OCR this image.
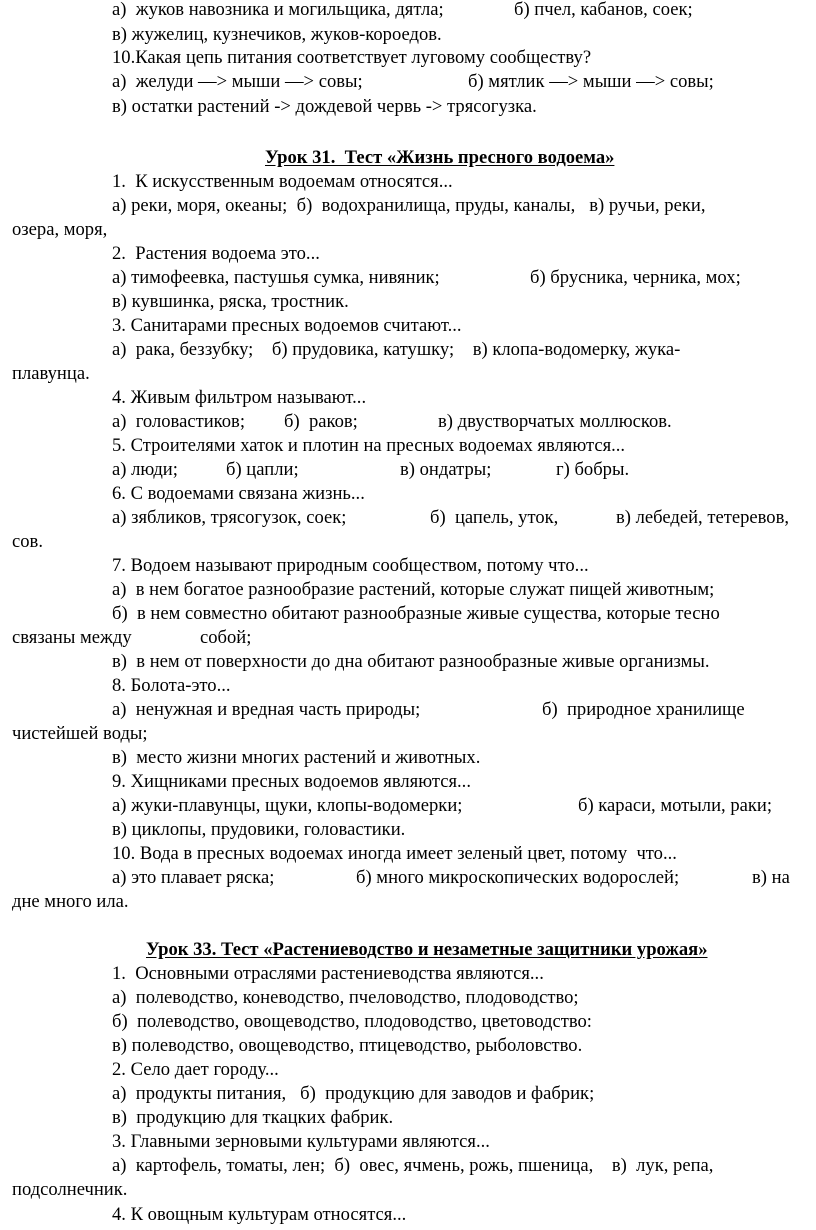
а)  жуков навозника и могильщика, дятла;	б) пчел, кабанов, соек;
в) жужелиц, кузнечиков, жуков-короедов.
10.Какая цепь питания соответствует луговому сообществу?
а)  желуди —> мыши —> совы;	б) мятлик —> мыши —> совы;
в) остатки растений -> дождевой червь -> трясогузка.
Урок 31.  Тест «Жизнь пресного водоема»
1.  К искусственным водоемам относятся...
а) реки, моря, океаны;  б)  водохранилища, пруды, каналы,   в) ручьи, реки,
озера, моря,
2.  Растения водоема это...
а) тимофеевка, пастушья сумка, нивяник;	б) брусника, черника, мох;
в) кувшинка, ряска, тростник.
3. Санитарами пресных водоемов считают...
а)  рака, беззубку;    б) прудовика, катушку;    в) клопа-водомерку, жука-
плавунца.
4. Живым фильтром называют...
а)  головастиков; б)  раков;	в) двустворчатых моллюсков.
5. Строителями хаток и плотин на пресных водоемах являются...
а) люди;	б) цапли;	в) ондатры;	г) бобры.
6. С водоемами связана жизнь...
а) зябликов, трясогузок, соек;	б)  цапель, уток,	в) лебедей, тетеревов,
сов.
7. Водоем называют природным сообществом, потому что...
а)  в нем богатое разнообразие растений, которые служат пищей животным;
б)  в нем совместно обитают разнообразные живые существа, которые тесно
связаны между	собой;
в)  в нем от поверхности до дна обитают разнообразные живые организмы.
8. Болота-это...
а)  ненужная и вредная часть природы;	б)  природное хранилище
чистейшей воды;
в)  место жизни многих растений и животных.
9. Хищниками пресных водоемов являются...
а) жуки-плавунцы, щуки, клопы-водомерки;	б) караси, мотыли, раки;
в) циклопы, прудовики, головастики.
10. Вода в пресных водоемах иногда имеет зеленый цвет, потому  что...
а) это плавает ряска;	б) много микроскопических водорослей;	в) на
дне много ила.
Урок 33. Тест «Растениеводство и незаметные защитники урожая»
1.  Основными отраслями растениеводства являются...
а)  полеводство, коневодство, пчеловодство, плодоводство;
б)  полеводство, овощеводство, плодоводство, цветоводство:
в) полеводство, овощеводство, птицеводство, рыболовство.
2. Село дает городу...
а)  продукты питания,   б)  продукцию для заводов и фабрик;
в)  продукцию для ткацких фабрик.
3. Главными зерновыми культурами являются...
а)  картофель, томаты, лен;  б)  овес, ячмень, рожь, пшеница,    в)  лук, репа,
подсолнечник.
4. К овощным культурам относятся...
